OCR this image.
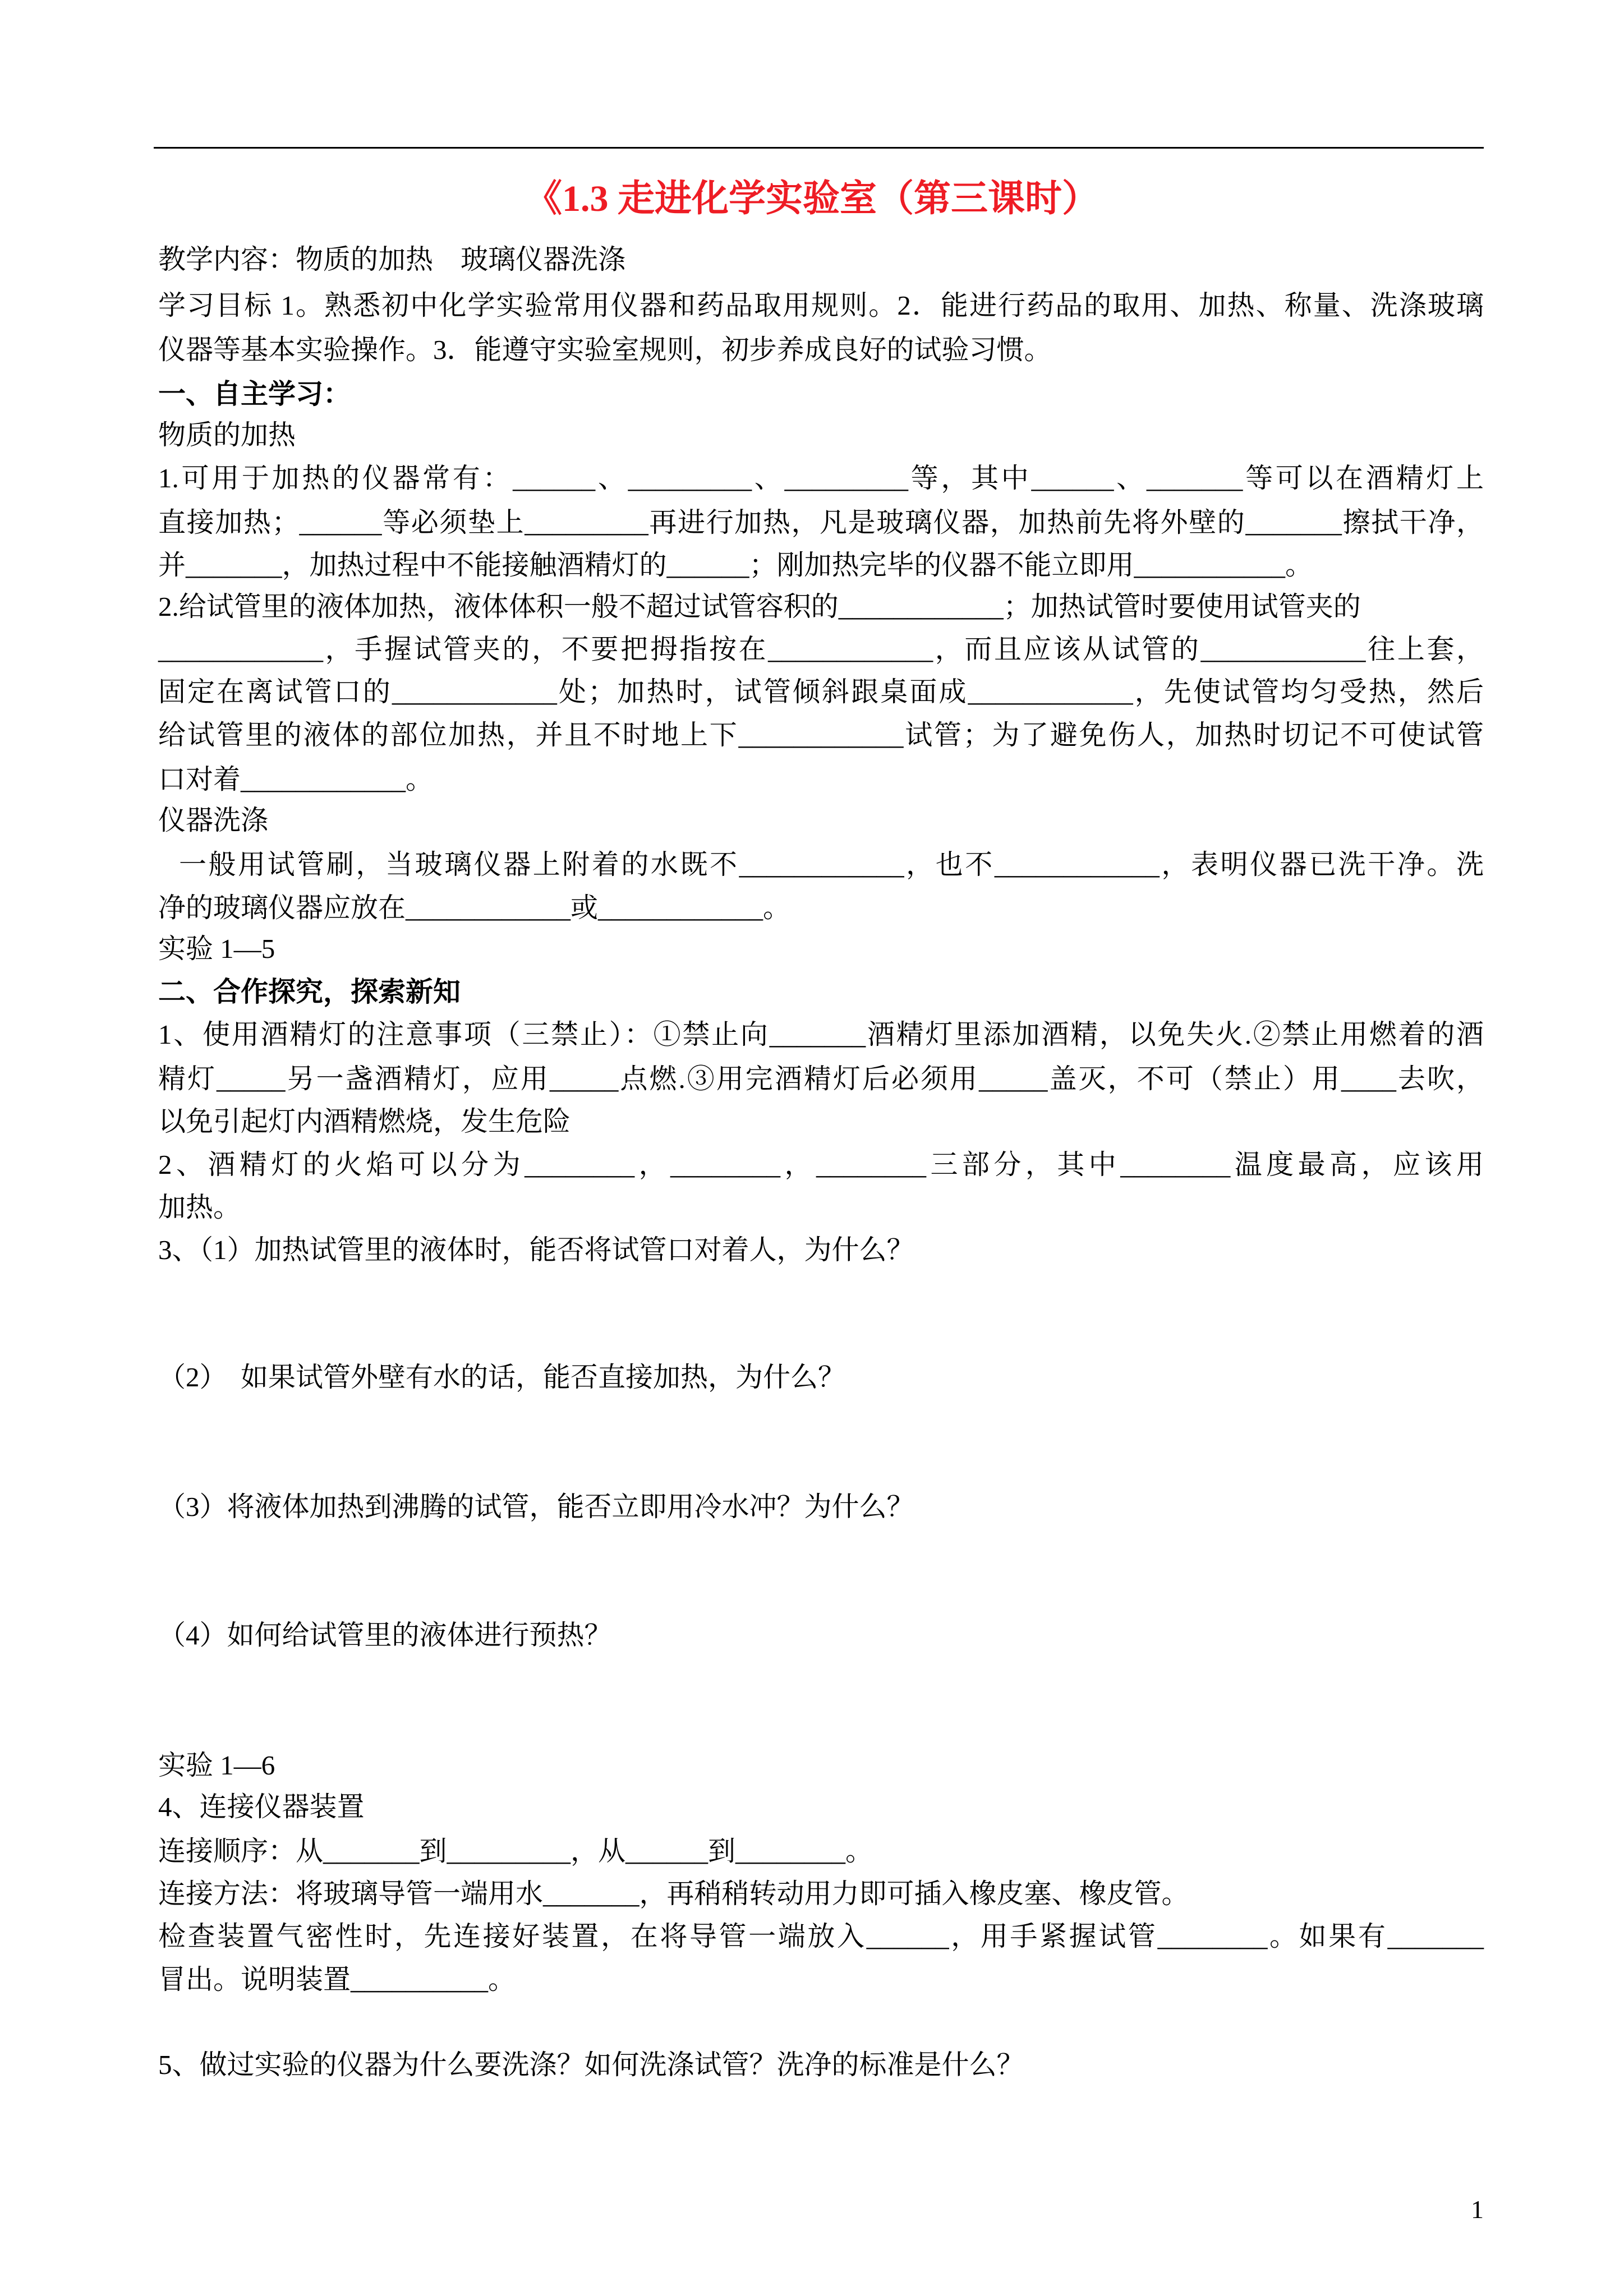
《1.3 走进化学实验室（第三课时）
教学内容：物质的加热　玻璃仪器洗涤
学习目标 1。熟悉初中化学实验常用仪器和药品取用规则。2．能进行药品的取用、加热、称量、洗涤玻璃
仪器等基本实验操作。3．能遵守实验室规则，初步养成良好的试验习惯。
一、自主学习：
物质的加热
1.可用于加热的仪器常有：______、_________、_________等，其中______、_______等可以在酒精灯上
直接加热；______等必须垫上_________再进行加热，凡是玻璃仪器，加热前先将外壁的_______擦拭干净，
并_______，加热过程中不能接触酒精灯的______；刚加热完毕的仪器不能立即用___________。
2.给试管里的液体加热，液体体积一般不超过试管容积的____________；加热试管时要使用试管夹的
____________，手握试管夹的，不要把拇指按在____________，而且应该从试管的____________往上套，
固定在离试管口的____________处；加热时，试管倾斜跟桌面成____________，先使试管均匀受热，然后
给试管里的液体的部位加热，并且不时地上下____________试管；为了避免伤人，加热时切记不可使试管
口对着____________。
仪器洗涤
一般用试管刷，当玻璃仪器上附着的水既不____________，也不____________，表明仪器已洗干净。洗
净的玻璃仪器应放在____________或____________。
实验 1—5
二、合作探究，探索新知
1、使用酒精灯的注意事项（三禁止）：①禁止向_______酒精灯里添加酒精，以免失火.②禁止用燃着的酒
精灯_____另一盏酒精灯，应用_____点燃.③用完酒精灯后必须用_____盖灭，不可（禁止）用____去吹，
以免引起灯内酒精燃烧，发生危险
2、酒精灯的火焰可以分为________，________，________三部分，其中________温度最高，应该用
加热。
3、（1）加热试管里的液体时，能否将试管口对着人，为什么？
（2）　如果试管外壁有水的话，能否直接加热，为什么？
（3）将液体加热到沸腾的试管，能否立即用冷水冲？为什么？
（4）如何给试管里的液体进行预热？
实验 1—6
4、连接仪器装置
连接顺序：从_______到_________，从______到________。
连接方法：将玻璃导管一端用水_______，再稍稍转动用力即可插入橡皮塞、橡皮管。
检查装置气密性时，先连接好装置，在将导管一端放入______，用手紧握试管________。如果有_______
冒出。说明装置__________。
5、做过实验的仪器为什么要洗涤？如何洗涤试管？洗净的标准是什么？
1
